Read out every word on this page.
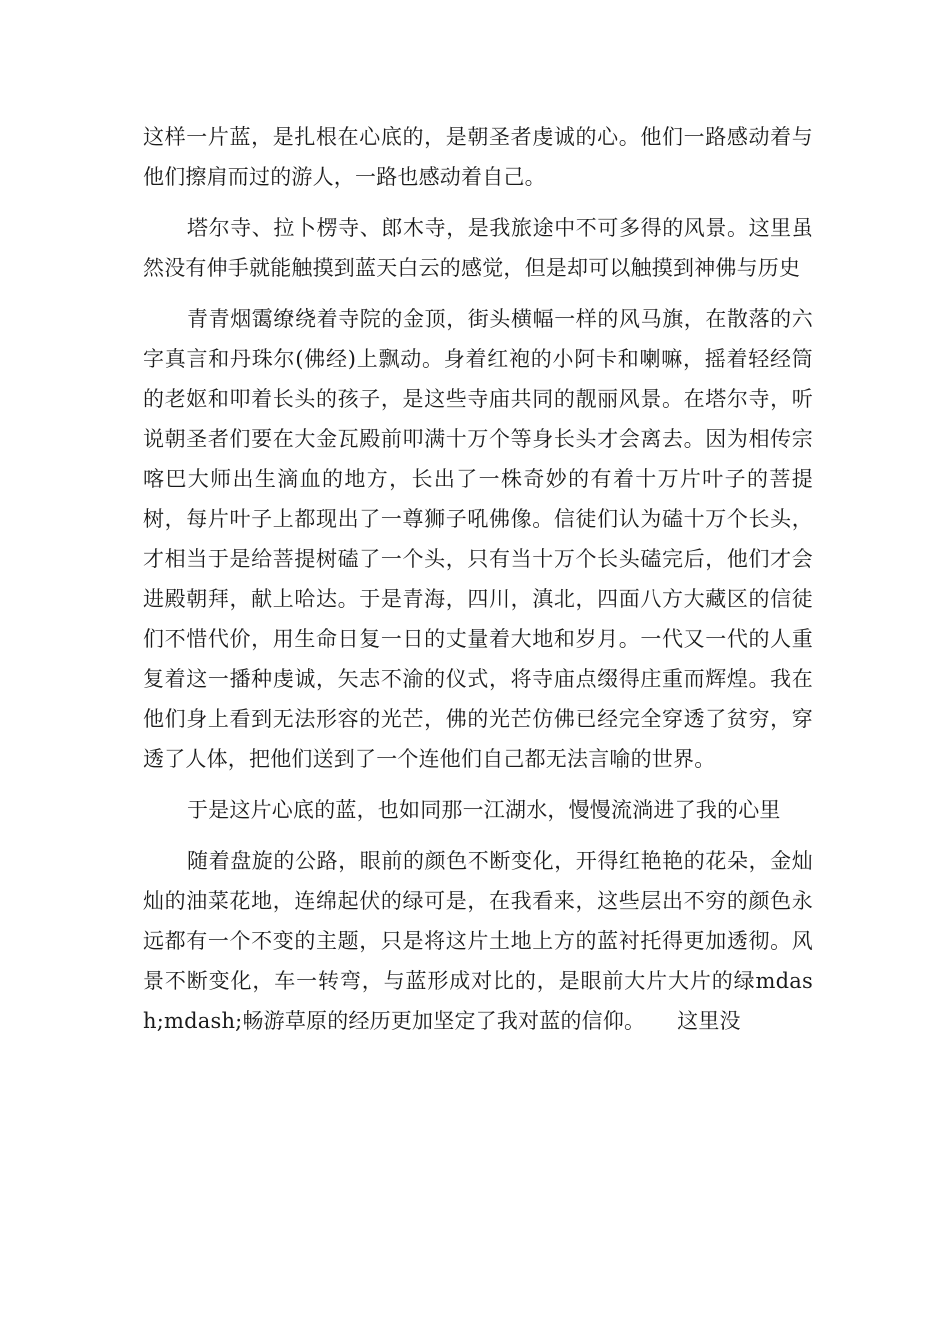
这样一片蓝，是扎根在心底的，是朝圣者虔诚的心。他们一路感动着与他们擦肩而过的游人，一路也感动着自己。

塔尔寺、拉卜楞寺、郎木寺，是我旅途中不可多得的风景。这里虽然没有伸手就能触摸到蓝天白云的感觉，但是却可以触摸到神佛与历史

青青烟霭缭绕着寺院的金顶，街头横幅一样的风马旗，在散落的六字真言和丹珠尔(佛经)上飘动。身着红袍的小阿卡和喇嘛，摇着轻经筒的老妪和叩着长头的孩子，是这些寺庙共同的靓丽风景。在塔尔寺，听说朝圣者们要在大金瓦殿前叩满十万个等身长头才会离去。因为相传宗喀巴大师出生滴血的地方，长出了一株奇妙的有着十万片叶子的菩提树，每片叶子上都现出了一尊狮子吼佛像。信徒们认为磕十万个长头，才相当于是给菩提树磕了一个头，只有当十万个长头磕完后，他们才会进殿朝拜，献上哈达。于是青海，四川，滇北，四面八方大藏区的信徒们不惜代价，用生命日复一日的丈量着大地和岁月。一代又一代的人重复着这一播种虔诚，矢志不渝的仪式，将寺庙点缀得庄重而辉煌。我在他们身上看到无法形容的光芒，佛的光芒仿佛已经完全穿透了贫穷，穿透了人体，把他们送到了一个连他们自己都无法言喻的世界。

于是这片心底的蓝，也如同那一江湖水，慢慢流淌进了我的心里

随着盘旋的公路，眼前的颜色不断变化，开得红艳艳的花朵，金灿灿的油菜花地，连绵起伏的绿可是，在我看来，这些层出不穷的颜色永远都有一个不变的主题，只是将这片土地上方的蓝衬托得更加透彻。风景不断变化，车一转弯，与蓝形成对比的，是眼前大片大片的绿mdash;mdash;畅游草原的经历更加坚定了我对蓝的信仰。　　这里没
